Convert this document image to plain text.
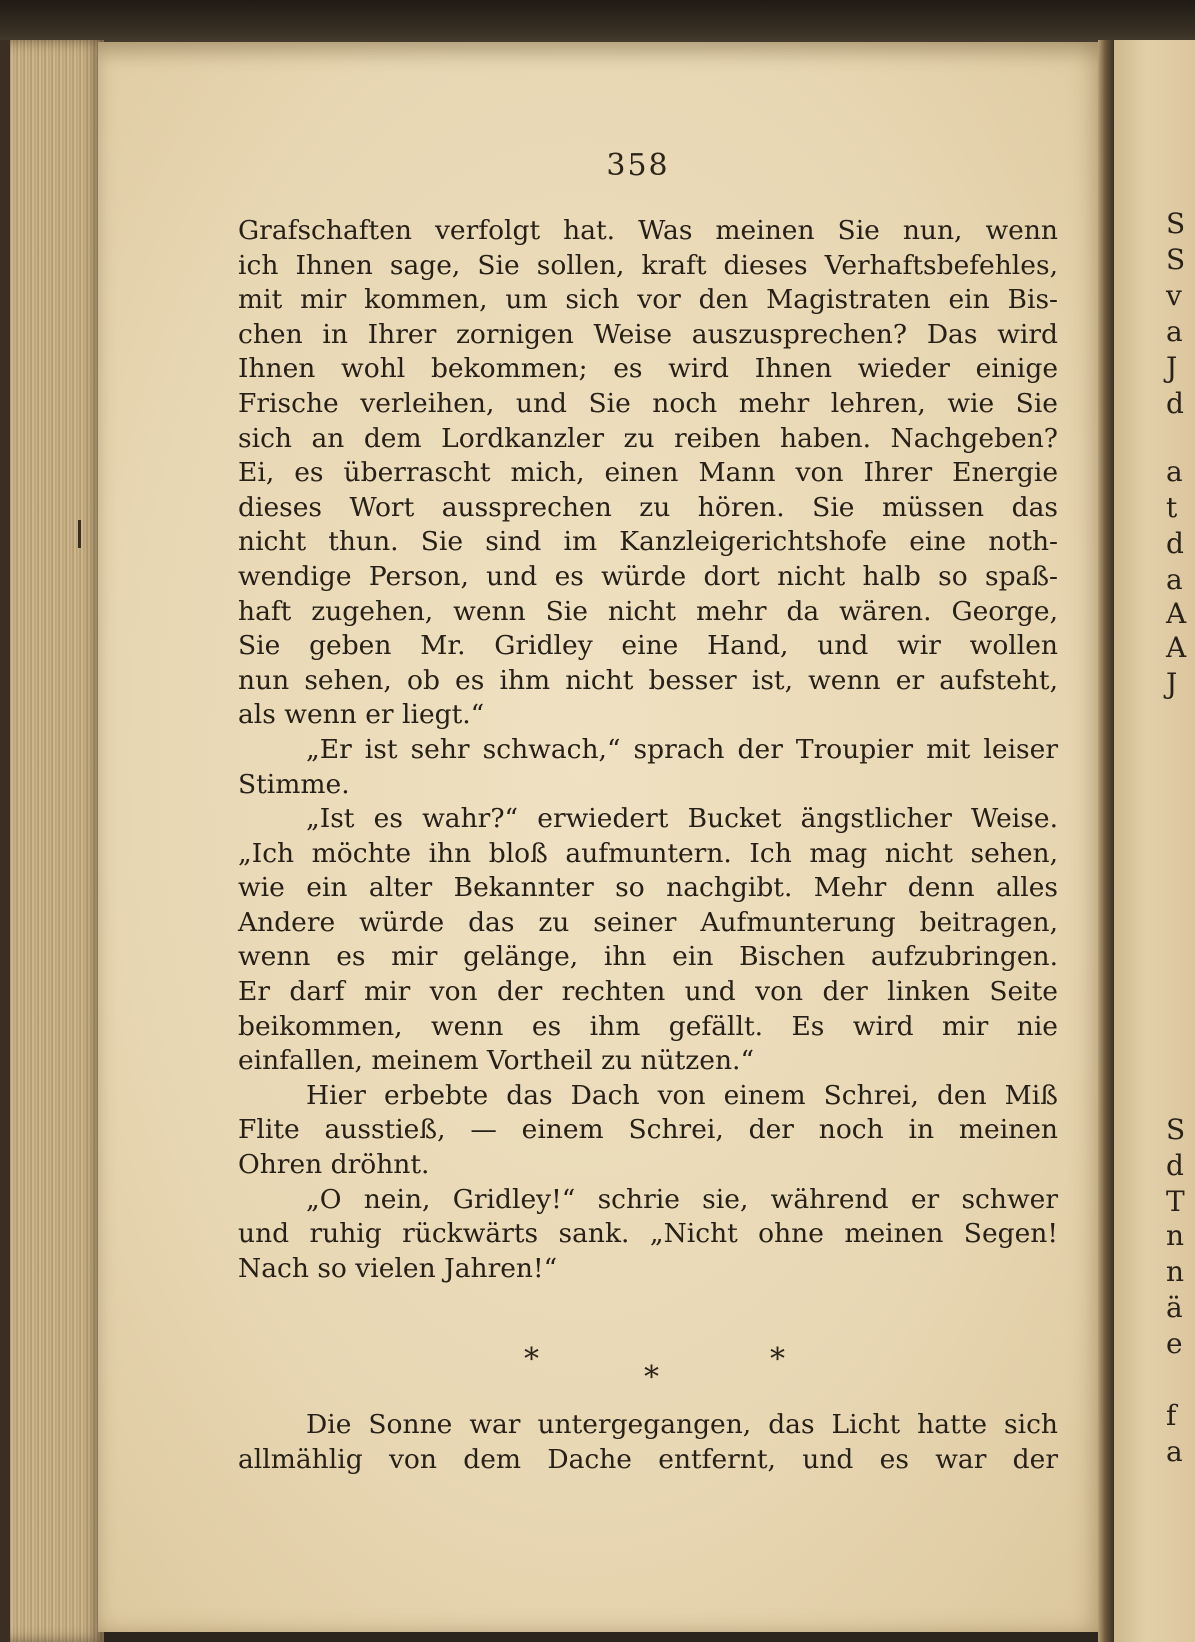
358
Grafschaften verfolgt hat. Was meinen Sie nun, wenn
ich Ihnen sage, Sie sollen, kraft dieses Verhaftsbefehles,
mit mir kommen, um sich vor den Magistraten ein Bis-
chen in Ihrer zornigen Weise auszusprechen? Das wird
Ihnen wohl bekommen; es wird Ihnen wieder einige
Frische verleihen, und Sie noch mehr lehren, wie Sie
sich an dem Lordkanzler zu reiben haben. Nachgeben?
Ei, es überrascht mich, einen Mann von Ihrer Energie
dieses Wort aussprechen zu hören. Sie müssen das
nicht thun. Sie sind im Kanzleigerichtshofe eine noth-
wendige Person, und es würde dort nicht halb so spaß-
haft zugehen, wenn Sie nicht mehr da wären. George,
Sie geben Mr. Gridley eine Hand, und wir wollen
nun sehen, ob es ihm nicht besser ist, wenn er aufsteht,
als wenn er liegt.“
„Er ist sehr schwach,“ sprach der Troupier mit leiser
Stimme.
„Ist es wahr?“ erwiedert Bucket ängstlicher Weise.
„Ich möchte ihn bloß aufmuntern. Ich mag nicht sehen,
wie ein alter Bekannter so nachgibt. Mehr denn alles
Andere würde das zu seiner Aufmunterung beitragen,
wenn es mir gelänge, ihn ein Bischen aufzubringen.
Er darf mir von der rechten und von der linken Seite
beikommen, wenn es ihm gefällt. Es wird mir nie
einfallen, meinem Vortheil zu nützen.“
Hier erbebte das Dach von einem Schrei, den Miß
Flite ausstieß, — einem Schrei, der noch in meinen
Ohren dröhnt.
„O nein, Gridley!“ schrie sie, während er schwer
und ruhig rückwärts sank. „Nicht ohne meinen Segen!
Nach so vielen Jahren!“
*
*
*
Die Sonne war untergegangen, das Licht hatte sich
allmählig von dem Dache entfernt, und es war der
S
S
v
a
J
d
a
t
d
a
A
A
J
S
d
T
n
n
ä
e
f
a
